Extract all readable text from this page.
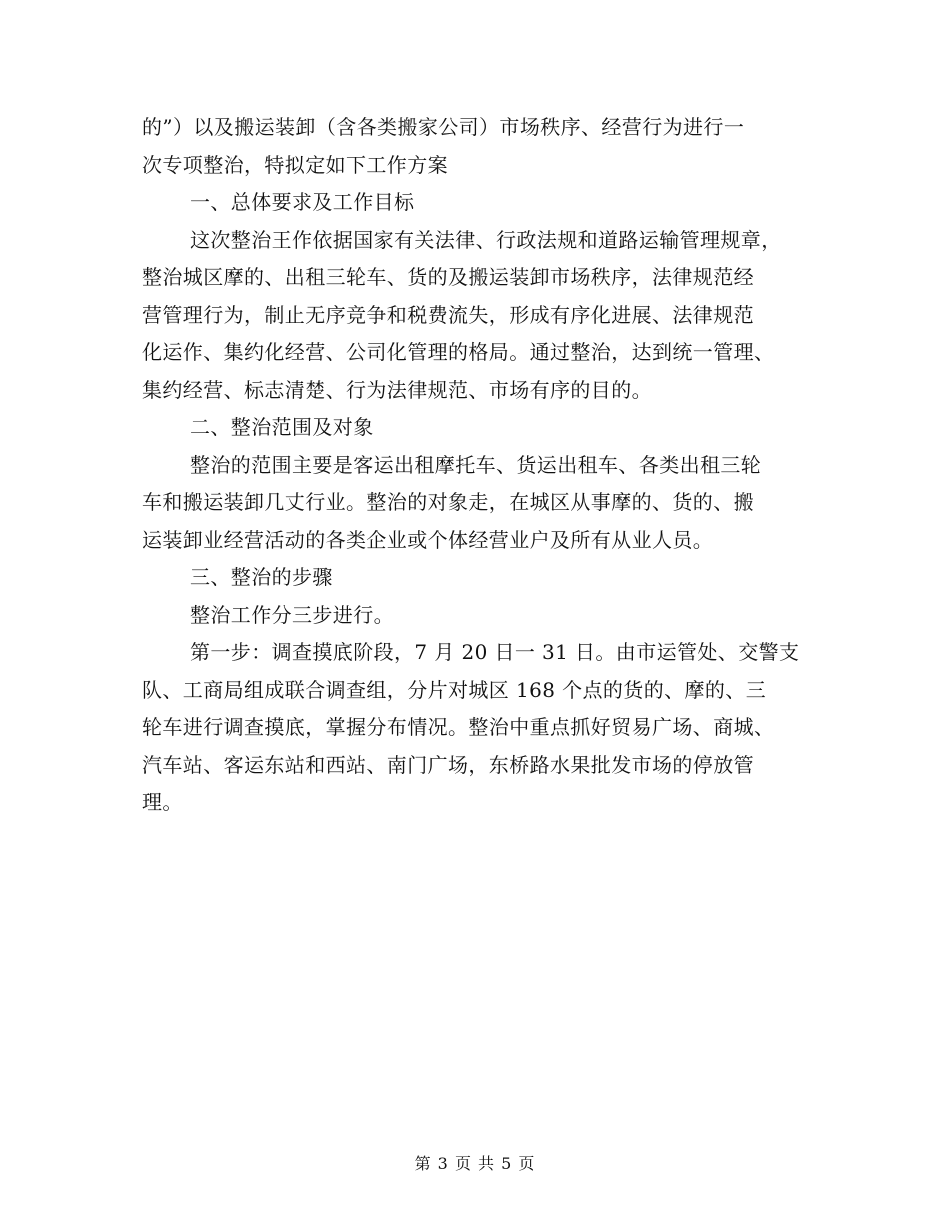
的”）以及搬运装卸（含各类搬家公司）市场秩序、经营行为进行一
次专项整治，特拟定如下工作方案
一、总体要求及工作目标
这次整治王作依据国家有关法律、行政法规和道路运输管理规章，
整治城区摩的、出租三轮车、货的及搬运装卸市场秩序，法律规范经
营管理行为，制止无序竞争和税费流失，形成有序化进展、法律规范
化运作、集约化经营、公司化管理的格局。通过整治，达到统一管理、
集约经营、标志清楚、行为法律规范、市场有序的目的。
二、整治范围及对象
整治的范围主要是客运出租摩托车、货运出租车、各类出租三轮
车和搬运装卸几丈行业。整治的对象走，在城区从事摩的、货的、搬
运装卸业经营活动的各类企业或个体经营业户及所有从业人员。
三、整治的步骤
整治工作分三步进行。
第一步：调查摸底阶段，7 月 20 日一 31 日。由市运管处、交警支
队、工商局组成联合调查组，分片对城区 168 个点的货的、摩的、三
轮车进行调查摸底，掌握分布情况。整治中重点抓好贸易广场、商城、
汽车站、客运东站和西站、南门广场，东桥路水果批发市场的停放管
理。
第 3 页 共 5 页
